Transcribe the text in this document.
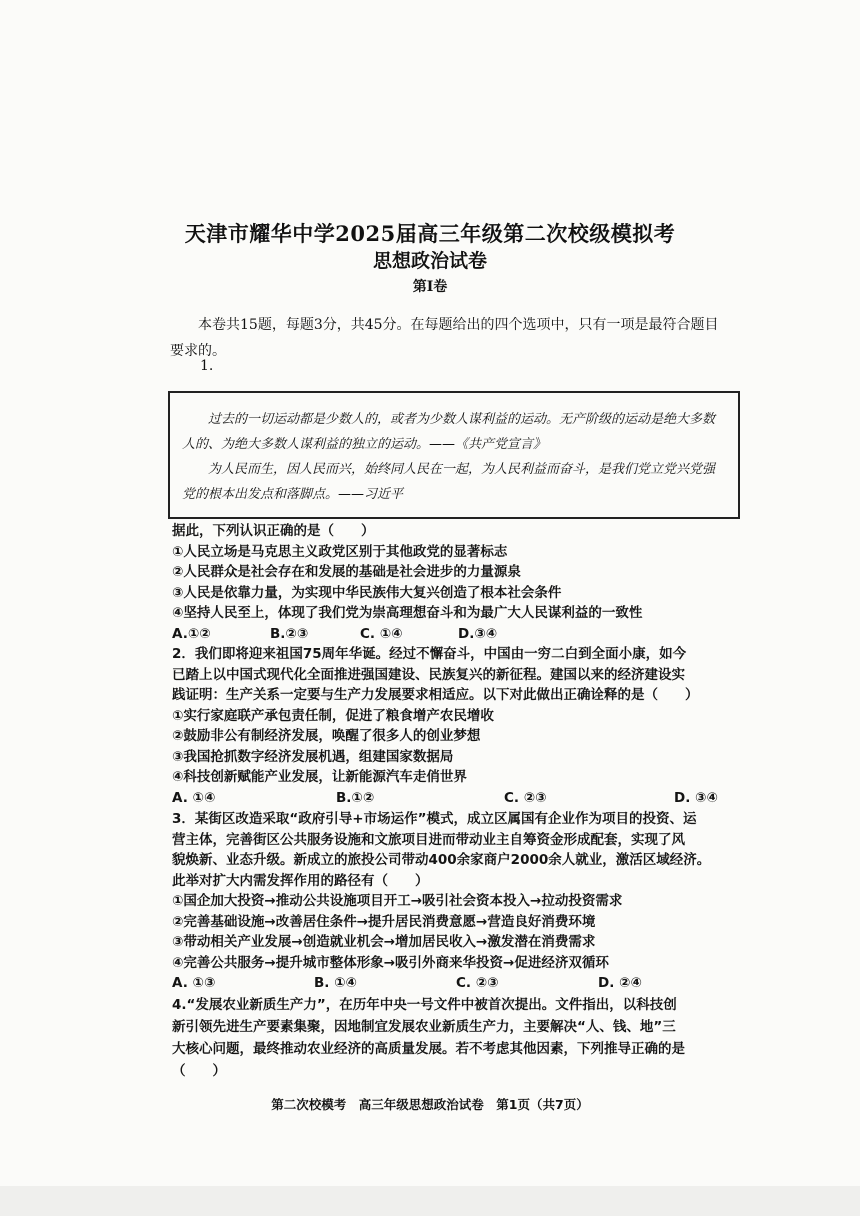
天津市耀华中学2025届高三年级第二次校级模拟考
思想政治试卷
第Ⅰ卷
本卷共15题，每题3分，共45分。在每题给出的四个选项中，只有一项是最符合题目要求的。
1.

过去的一切运动都是少数人的，或者为少数人谋利益的运动。无产阶级的运动是绝大多数人的、为绝大多数人谋利益的独立的运动。——《共产党宣言》

为人民而生，因人民而兴，始终同人民在一起，为人民利益而奋斗，是我们党立党兴党强党的根本出发点和落脚点。——习近平

据此，下列认识正确的是（　　）
①人民立场是马克思主义政党区别于其他政党的显著标志
②人民群众是社会存在和发展的基础是社会进步的力量源泉
③人民是依靠力量，为实现中华民族伟大复兴创造了根本社会条件
④坚持人民至上，体现了我们党为崇高理想奋斗和为最广大人民谋利益的一致性
A.①②	B.②③	C. ①④	D.③④
2．我们即将迎来祖国75周年华诞。经过不懈奋斗，中国由一穷二白到全面小康，如今
已踏上以中国式现代化全面推进强国建设、民族复兴的新征程。建国以来的经济建设实
践证明：生产关系一定要与生产力发展要求相适应。以下对此做出正确诠释的是（　　）
①实行家庭联产承包责任制，促进了粮食增产农民增收
②鼓励非公有制经济发展，唤醒了很多人的创业梦想
③我国抢抓数字经济发展机遇，组建国家数据局
④科技创新赋能产业发展，让新能源汽车走俏世界
A. ①④	B.①②	C. ②③	D. ③④
3．某街区改造采取“政府引导+市场运作”模式，成立区属国有企业作为项目的投资、运
营主体，完善街区公共服务设施和文旅项目进而带动业主自筹资金形成配套，实现了风
貌焕新、业态升级。新成立的旅投公司带动400余家商户2000余人就业，激活区域经济。
此举对扩大内需发挥作用的路径有（　　）
①国企加大投资→推动公共设施项目开工→吸引社会资本投入→拉动投资需求
②完善基础设施→改善居住条件→提升居民消费意愿→营造良好消费环境
③带动相关产业发展→创造就业机会→增加居民收入→激发潜在消费需求
④完善公共服务→提升城市整体形象→吸引外商来华投资→促进经济双循环
A. ①③	B. ①④	C. ②③	D. ②④
4.“发展农业新质生产力”，在历年中央一号文件中被首次提出。文件指出，以科技创
新引领先进生产要素集聚，因地制宜发展农业新质生产力，主要解决“人、钱、地”三
大核心问题，最终推动农业经济的高质量发展。若不考虑其他因素，下列推导正确的是
（　　）
第二次校模考　高三年级思想政治试卷　第1页（共7页）
